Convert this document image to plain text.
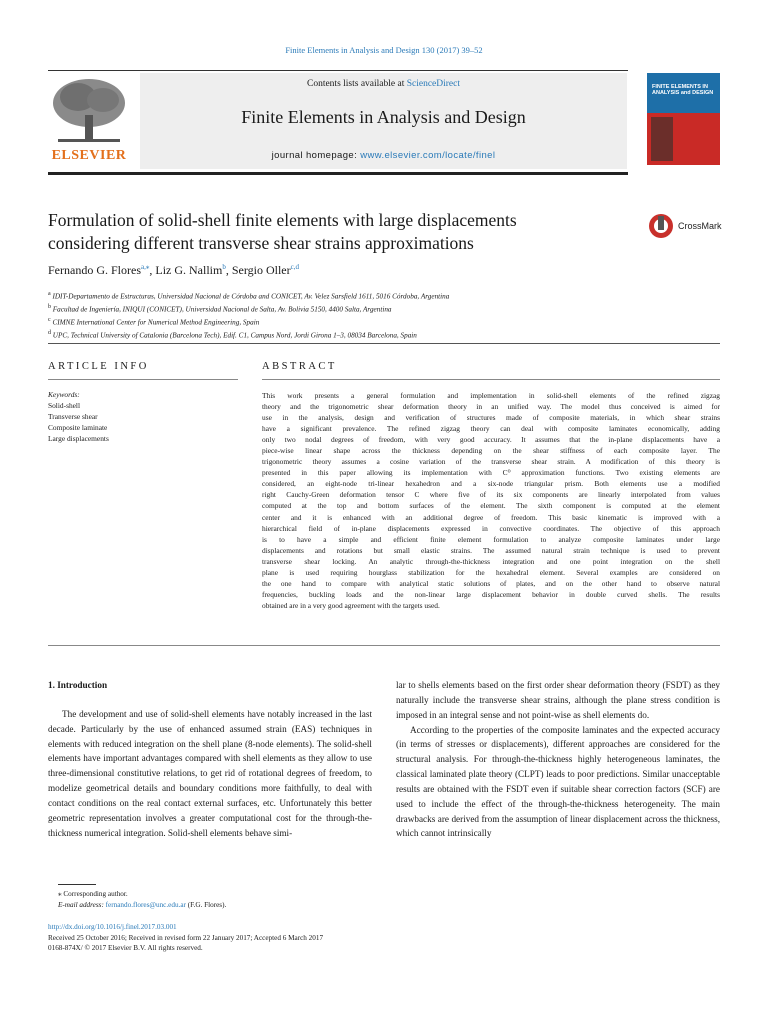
Finite Elements in Analysis and Design 130 (2017) 39–52
ELSEVIER
Contents lists available at ScienceDirect
Finite Elements in Analysis and Design
journal homepage: www.elsevier.com/locate/finel
FINITE ELEMENTS IN ANALYSIS and DESIGN
Formulation of solid-shell finite elements with large displacements
considering different transverse shear strains approximations
CrossMark
Fernando G. Flores$^{a,⁎}$, Liz G. Nallim$^b$, Sergio Oller$^{c,d}$
$^a$ IDIT-Departamento de Estructuras, Universidad Nacional de Córdoba and CONICET, Av. Velez Sarsfield 1611, 5016 Córdoba, Argentina
$^b$ Facultad de Ingeniería, INIQUI (CONICET), Universidad Nacional de Salta, Av. Bolivia 5150, 4400 Salta, Argentina
$^c$ CIMNE International Center for Numerical Method Engineering, Spain
$^d$ UPC, Technical University of Catalonia (Barcelona Tech), Edif. C1, Campus Nord, Jordi Girona 1–3, 08034 Barcelona, Spain
ARTICLE INFO	ABSTRACT
Keywords:
Solid-shell
Transverse shear
Composite laminate
Large displacements
This work presents a general formulation and implementation in solid-shell elements of the refined zigzag
theory and the trigonometric shear deformation theory in an unified way. The model thus conceived is aimed for
use in the analysis, design and verification of structures made of composite materials, in which shear strains
have a significant prevalence. The refined zigzag theory can deal with composite laminates economically, adding
only two nodal degrees of freedom, with very good accuracy. It assumes that the in-plane displacements have a
piece-wise linear shape across the thickness depending on the shear stiffness of each composite layer. The
trigonometric theory assumes a cosine variation of the transverse shear strain. A modification of this theory is
presented in this paper allowing its implementation with C⁰ approximation functions. Two existing elements are
considered, an eight-node tri-linear hexahedron and a six-node triangular prism. Both elements use a modified
right Cauchy-Green deformation tensor C where five of its six components are linearly interpolated from values
computed at the top and bottom surfaces of the element. The sixth component is computed at the element
center and it is enhanced with an additional degree of freedom. This basic kinematic is improved with a
hierarchical field of in-plane displacements expressed in convective coordinates. The objective of this approach
is to have a simple and efficient finite element formulation to analyze composite laminates under large
displacements and rotations but small elastic strains. The assumed natural strain technique is used to prevent
transverse shear locking. An analytic through-the-thickness integration and one point integration on the shell
plane is used requiring hourglass stabilization for the hexahedral element. Several examples are considered on
the one hand to compare with analytical static solutions of plates, and on the other hand to observe natural
frequencies, buckling loads and the non-linear large displacement behavior in double curved shells. The results
obtained are in a very good agreement with the targets used.

1. Introduction

The development and use of solid-shell elements have notably increased in the last decade. Particularly by the use of enhanced assumed strain (EAS) techniques in elements with reduced integration on the shell plane (8-node elements). The solid-shell elements have important advantages compared with shell elements as they allow to use three-dimensional constitutive relations, to get rid of rotational degrees of freedom, to modelize geometrical details and boundary conditions more faithfully, to deal with contact conditions on the real contact external surfaces, etc. Unfortunately this better geometric representation involves a greater computational cost for the through-the-thickness numerical integration. Solid-shell elements behave simi-

lar to shells elements based on the first order shear deformation theory (FSDT) as they naturally include the transverse shear strains, although the plane stress condition is imposed in an integral sense and not point-wise as shell elements do.

According to the properties of the composite laminates and the expected accuracy (in terms of stresses or displacements), different approaches are considered for the structural analysis. For through-the-thickness highly heterogeneous laminates, the classical laminated plate theory (CLPT) leads to poor predictions. Similar unacceptable results are obtained with the FSDT even if suitable shear correction factors (SCF) are used to include the effect of the through-the-thickness heterogeneity. The main drawbacks are derived from the assumption of linear displacement across the thickness, which cannot intrinsically

⁎ Corresponding author.
E-mail address: fernando.flores@unc.edu.ar (F.G. Flores).
http://dx.doi.org/10.1016/j.finel.2017.03.001
Received 25 October 2016; Received in revised form 22 January 2017; Accepted 6 March 2017
0168-874X/ © 2017 Elsevier B.V. All rights reserved.
